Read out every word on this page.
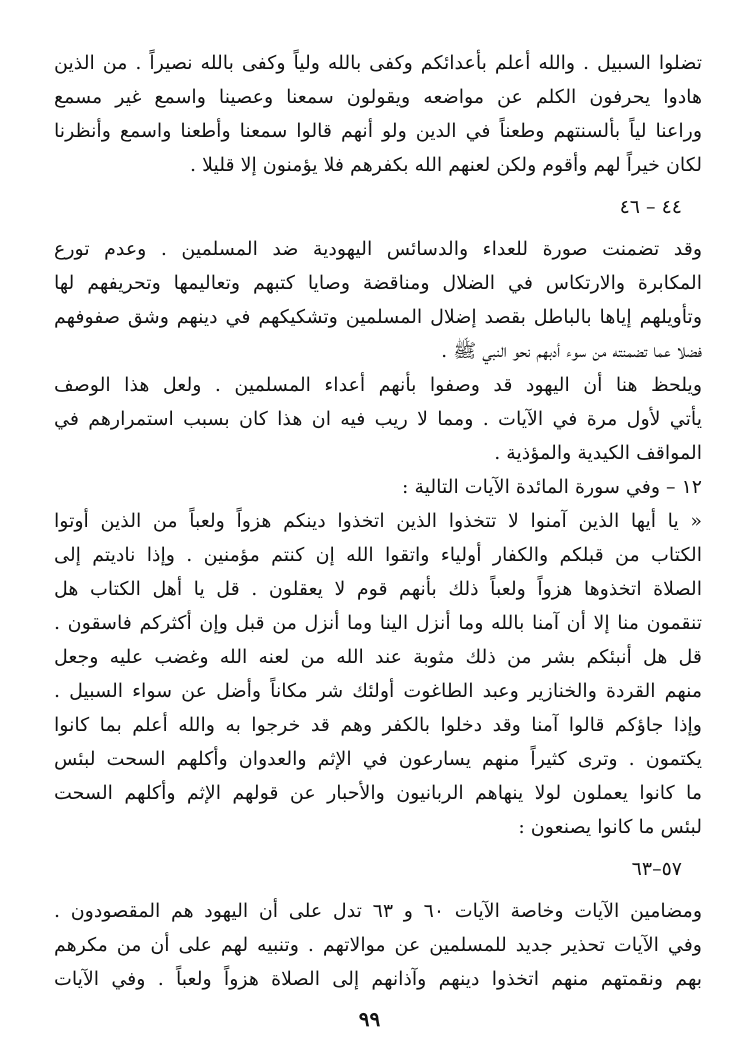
تضلوا السبيل . والله أعلم بأعدائكم وكفى بالله ولياً وكفى بالله نصيراً . من الذين
هادوا يحرفون الكلم عن مواضعه ويقولون سمعنا وعصينا واسمع غير مسمع
وراعنا لياً بألسنتهم وطعناً في الدين ولو أنهم قالوا سمعنا وأطعنا واسمع وأنظرنا
لكان خيراً لهم وأقوم ولكن لعنهم الله بكفرهم فلا يؤمنون إلا قليلا .
٤٤ – ٤٦
وقد تضمنت صورة للعداء والدسائس اليهودية ضد المسلمين . وعدم تورع
المكابرة والارتكاس في الضلال ومناقضة وصايا كتبهم وتعاليمها وتحريفهم لها
وتأويلهم إياها بالباطل بقصد إضلال المسلمين وتشكيكهم في دينهم وشق صفوفهم
فضلا عما تضمنته من سوء أدبهم نحو النبي ﷺ .
ويلحظ هنا أن اليهود قد وصفوا بأنهم أعداء المسلمين . ولعل هذا الوصف
يأتي لأول مرة في الآيات . ومما لا ريب فيه ان هذا كان بسبب استمرارهم في
المواقف الكيدية والمؤذية .
١٢ – وفي سورة المائدة الآيات التالية :
« يا أيها الذين آمنوا لا تتخذوا الذين اتخذوا دينكم هزواً ولعباً من الذين أوتوا
الكتاب من قبلكم والكفار أولياء واتقوا الله إن كنتم مؤمنين . وإذا ناديتم إلى
الصلاة اتخذوها هزواً ولعباً ذلك بأنهم قوم لا يعقلون . قل يا أهل الكتاب هل
تنقمون منا إلا أن آمنا بالله وما أنزل الينا وما أنزل من قبل وإن أكثركم فاسقون .
قل هل أنبئكم بشر من ذلك مثوبة عند الله من لعنه الله وغضب عليه وجعل
منهم القردة والخنازير وعبد الطاغوت أولئك شر مكاناً وأضل عن سواء السبيل .
وإذا جاؤكم قالوا آمنا وقد دخلوا بالكفر وهم قد خرجوا به والله أعلم بما كانوا
يكتمون . وترى كثيراً منهم يسارعون في الإثم والعدوان وأكلهم السحت لبئس
ما كانوا يعملون لولا ينهاهم الربانيون والأحبار عن قولهم الإثم وأكلهم السحت
لبئس ما كانوا يصنعون :
٥٧–٦٣
ومضامين الآيات وخاصة الآيات ٦٠ و ٦٣ تدل على أن اليهود هم المقصودون .
وفي الآيات تحذير جديد للمسلمين عن موالاتهم . وتنبيه لهم على أن من مكرهم
بهم ونقمتهم منهم اتخذوا دينهم وآذانهم إلى الصلاة هزواً ولعباً . وفي الآيات
٩٩
